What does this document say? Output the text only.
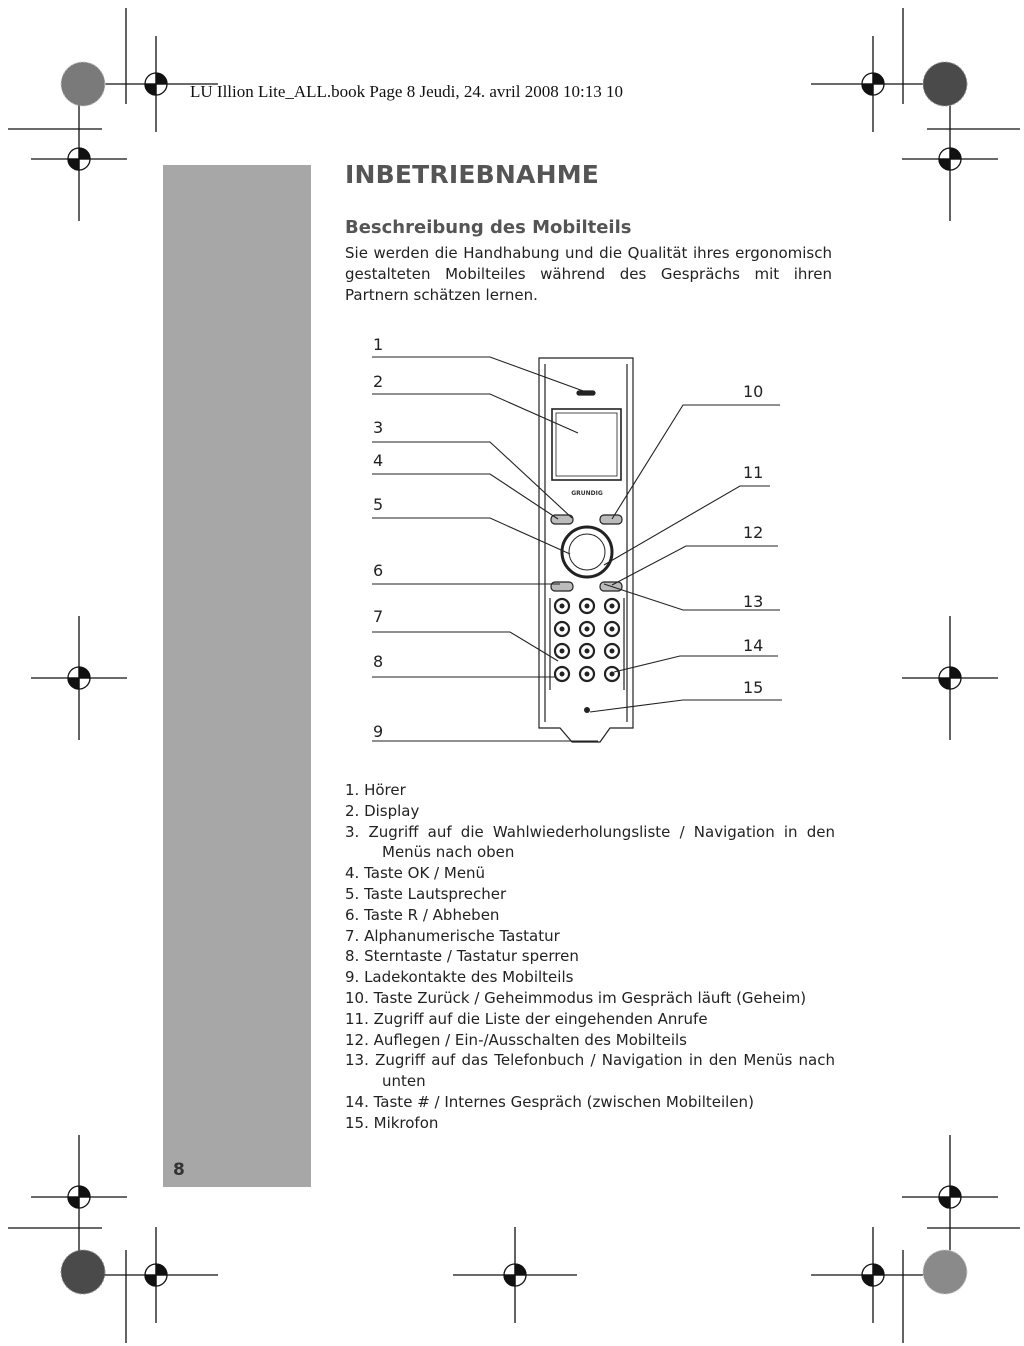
LU Illion Lite_ALL.book Page 8 Jeudi, 24. avril 2008 10:13 10
8
INBETRIEBNAHME
Beschreibung des Mobilteils

Sie werden die Handhabung und die Qualität ihres ergonomisch gestalteten Mobilteiles während des Gesprächs mit ihren Partnern schätzen lernen.

GRUNDIG
1
2
3
4
5
6
7
8
9
10
11
12
13
14
15
1. Hörer
2. Display
3. Zugriff auf die Wahlwiederholungsliste / Navigation in den Menüs nach oben
4. Taste OK / Menü
5. Taste Lautsprecher
6. Taste R / Abheben
7. Alphanumerische Tastatur
8. Sterntaste / Tastatur sperren
9. Ladekontakte des Mobilteils
10. Taste Zurück / Geheimmodus im Gespräch läuft (Geheim)
11. Zugriff auf die Liste der eingehenden Anrufe
12. Auflegen / Ein-/Ausschalten des Mobilteils
13. Zugriff auf das Telefonbuch / Navigation in den Menüs nach unten
14. Taste # / Internes Gespräch (zwischen Mobilteilen)
15. Mikrofon
